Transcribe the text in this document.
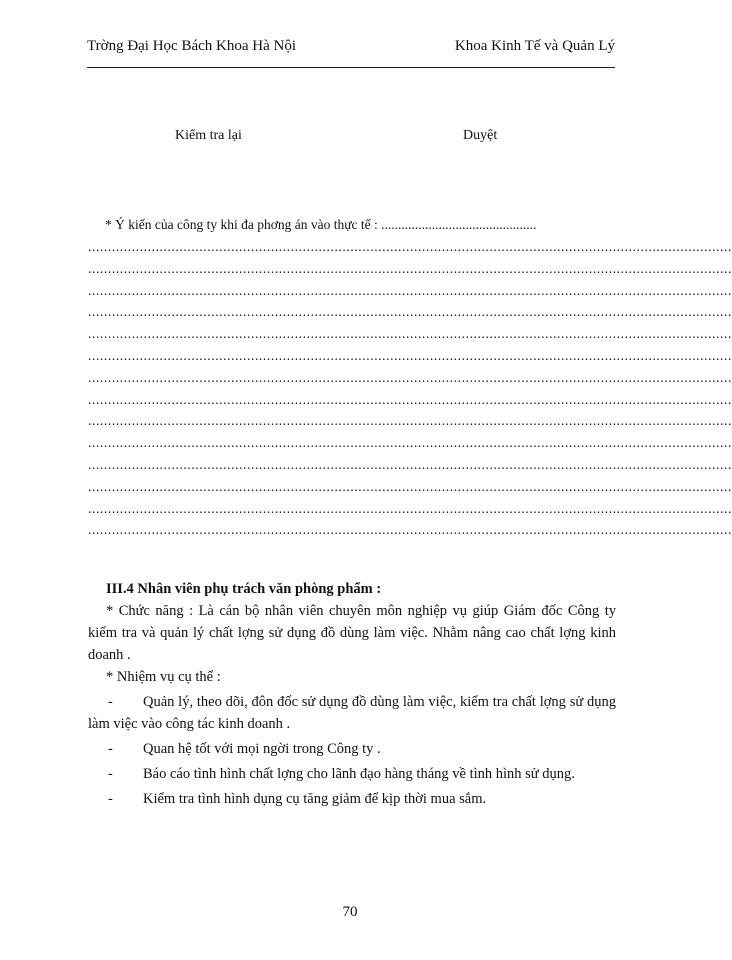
Trờng Đại Học Bách Khoa Hà Nội	Khoa Kinh Tế và Quản Lý
Kiểm tra lại	Duyệt
* Ý kiến của công ty khi đa phơng án vào thực tế : ..............................................
..................................................................................................................................................................
..................................................................................................................................................................
..................................................................................................................................................................
..................................................................................................................................................................
..................................................................................................................................................................
..................................................................................................................................................................
..................................................................................................................................................................
..................................................................................................................................................................
..................................................................................................................................................................
..................................................................................................................................................................
..................................................................................................................................................................
..................................................................................................................................................................
..................................................................................................................................................................
..................................................................................................................................................................
III.4 Nhân viên phụ trách văn phòng phẩm :
* Chức năng : Là cán bộ nhân viên chuyên môn nghiệp vụ giúp Giám đốc Công ty kiểm tra và quản lý chất lợng sử dụng đồ dùng làm việc. Nhằm nâng cao chất lợng kinh doanh .
* Nhiệm vụ cụ thể :
-	Quản lý, theo dõi, đôn đốc sử dụng đồ dùng làm việc, kiểm tra chất lợng sử dụng làm việc vào công tác kinh doanh .
-	Quan hệ tốt với mọi ngời trong Công ty .
-	Báo cáo tình hình chất lợng cho lãnh đạo hàng tháng về tình hình sử dụng.
-	Kiểm tra tình hình dụng cụ tăng giảm để kịp thời mua sắm.
70
